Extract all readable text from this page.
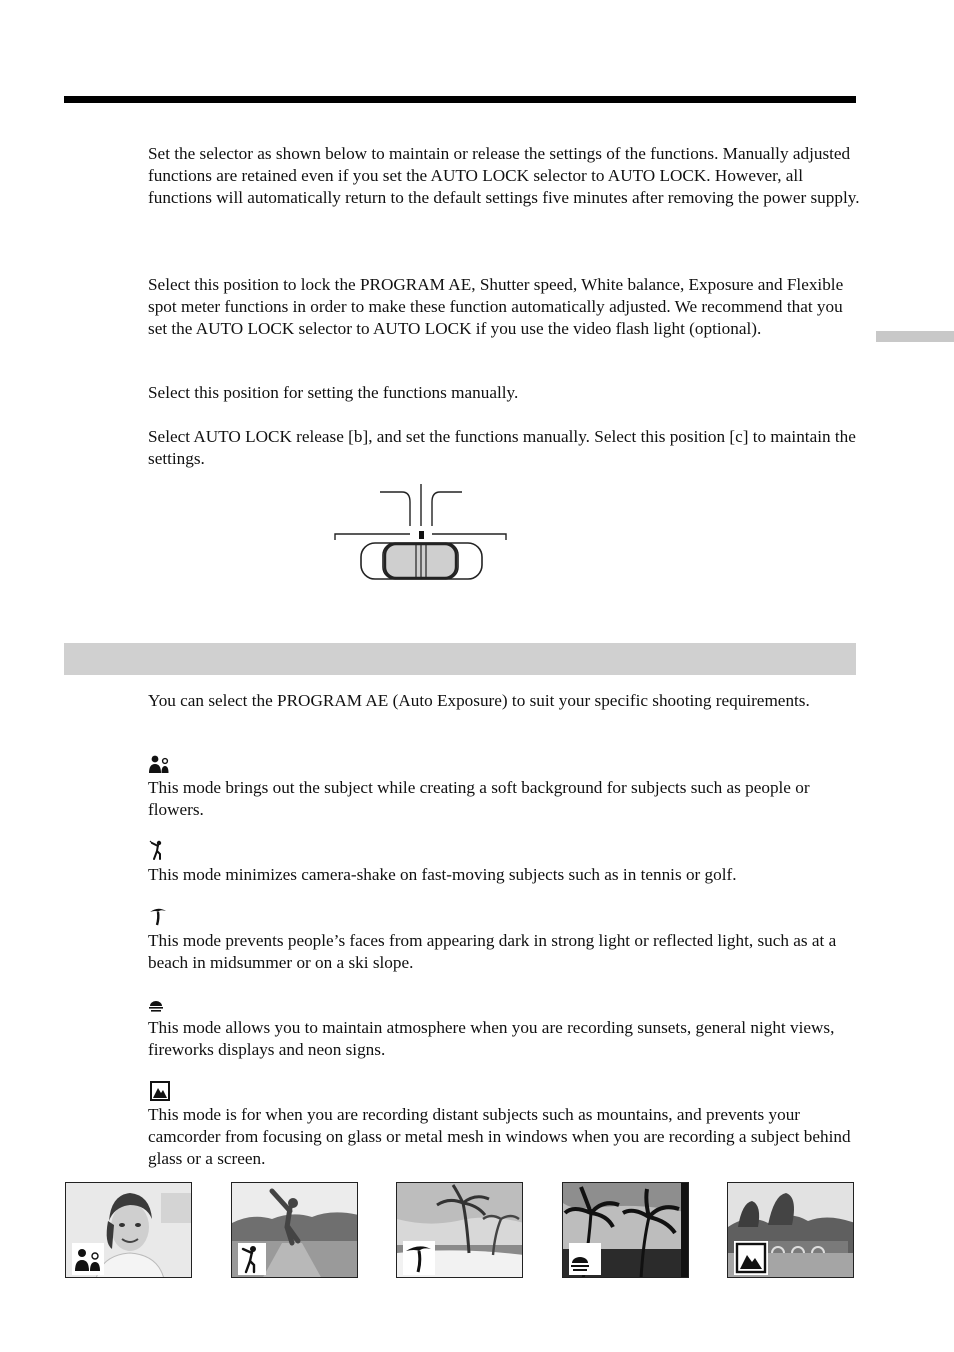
Set the selector as shown below to maintain or release the settings of the functions. Manually adjusted functions are retained even if you set the AUTO LOCK selector to AUTO LOCK. However, all functions will automatically return to the default settings five minutes after removing the power supply.

Select this position to lock the PROGRAM AE, Shutter speed, White balance, Exposure and Flexible spot meter functions in order to make these function automatically adjusted. We recommend that you set the AUTO LOCK selector to AUTO LOCK if you use the video flash light (optional).

Select this position for setting the functions manually.

Select AUTO LOCK release [b], and set the functions manually. Select this position [c] to maintain the settings.

You can select the PROGRAM AE (Auto Exposure) to suit your specific shooting requirements.

This mode brings out the subject while creating a soft background for subjects such as people or flowers.

This mode minimizes camera-shake on fast-moving subjects such as in tennis or golf.

This mode prevents people’s faces from appearing dark in strong light or reflected light, such as at a beach in midsummer or on a ski slope.

This mode allows you to maintain atmosphere when you are recording sunsets, general night views, fireworks displays and neon signs.

This mode is for when you are recording distant subjects such as mountains, and prevents your camcorder from focusing on glass or metal mesh in windows when you are recording a subject behind glass or a screen.
